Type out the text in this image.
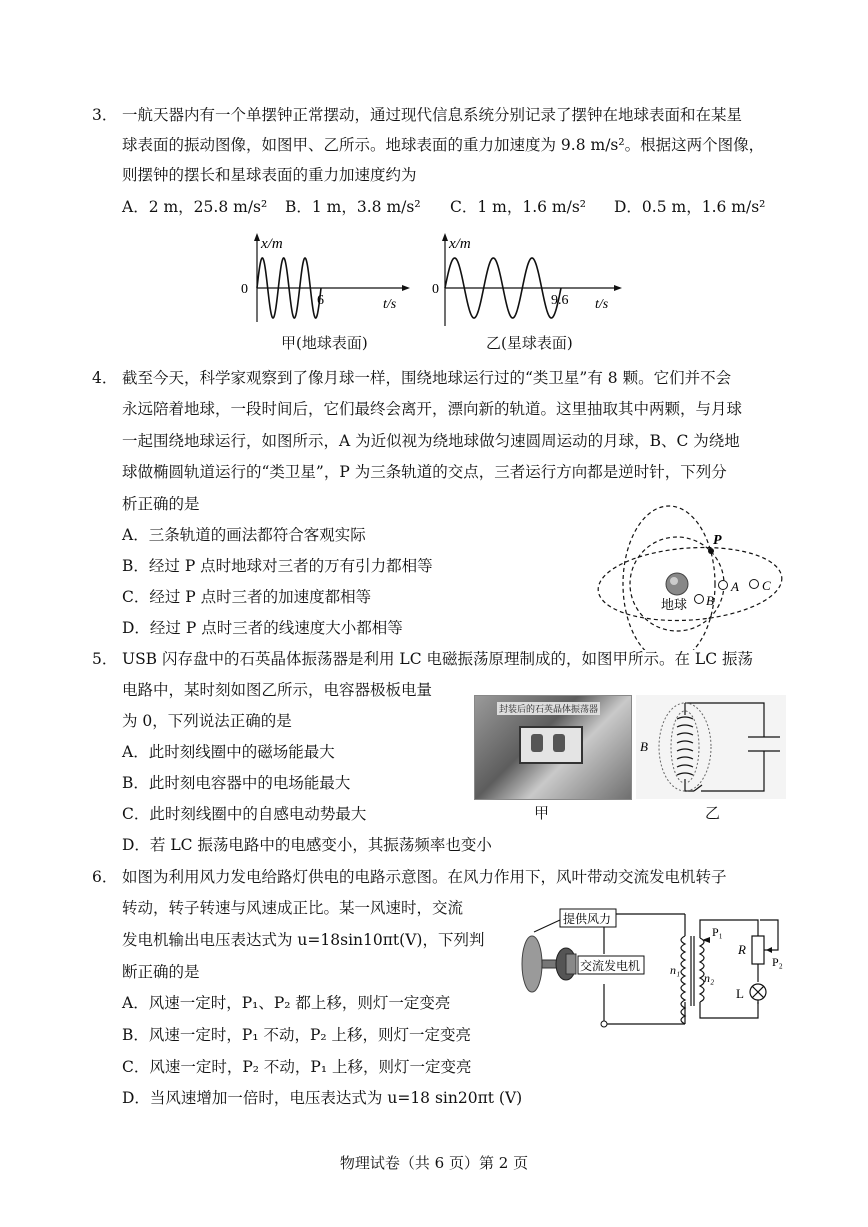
3． 一航天器内有一个单摆钟正常摆动，通过现代信息系统分别记录了摆钟在地球表面和在某星
球表面的振动图像，如图甲、乙所示。地球表面的重力加速度为 9.8 m/s²。根据这两个图像，
则摆钟的摆长和星球表面的重力加速度约为
A．2 m，25.8 m/s² B．1 m，3.8 m/s² C．1 m，1.6 m/s² D．0.5 m，1.6 m/s²
x/m
0
6	t/s
甲(地球表面)
x/m
0
9.6 t/s
乙(星球表面)
4． 截至今天，科学家观察到了像月球一样，围绕地球运行过的“类卫星”有 8 颗。它们并不会
永远陪着地球，一段时间后，它们最终会离开，漂向新的轨道。这里抽取其中两颗，与月球
一起围绕地球运行，如图所示，A 为近似视为绕地球做匀速圆周运动的月球，B、C 为绕地
球做椭圆轨道运行的“类卫星”，P 为三条轨道的交点，三者运行方向都是逆时针，下列分
析正确的是
A．三条轨道的画法都符合客观实际
B．经过 P 点时地球对三者的万有引力都相等
C．经过 P 点时三者的加速度都相等
D．经过 P 点时三者的线速度大小都相等
地球
P
A
B
C
5． USB 闪存盘中的石英晶体振荡器是利用 LC 电磁振荡原理制成的，如图甲所示。在 LC 振荡
电路中，某时刻如图乙所示，电容器极板电量
为 0，下列说法正确的是
A．此时刻线圈中的磁场能最大
B．此时刻电容器中的电场能最大
C．此时刻线圈中的自感电动势最大
D．若 LC 振荡电路中的电感变小，其振荡频率也变小
封装后的石英晶体振荡器
甲
B
乙
6． 如图为利用风力发电给路灯供电的电路示意图。在风力作用下，风叶带动交流发电机转子
转动，转子转速与风速成正比。某一风速时，交流
发电机输出电压表达式为 u=18sin10πt(V)，下列判
断正确的是
A．风速一定时，P₁、P₂ 都上移，则灯一定变亮
B．风速一定时，P₁ 不动，P₂ 上移，则灯一定变亮
C．风速一定时，P₂ 不动，P₁ 上移，则灯一定变亮
D．当风速增加一倍时，电压表达式为 u=18 sin20πt (V)
提供风力
交流发电机 n₁
n₂
P₁
P₂
R
L
物理试卷（共 6 页）第 2 页
